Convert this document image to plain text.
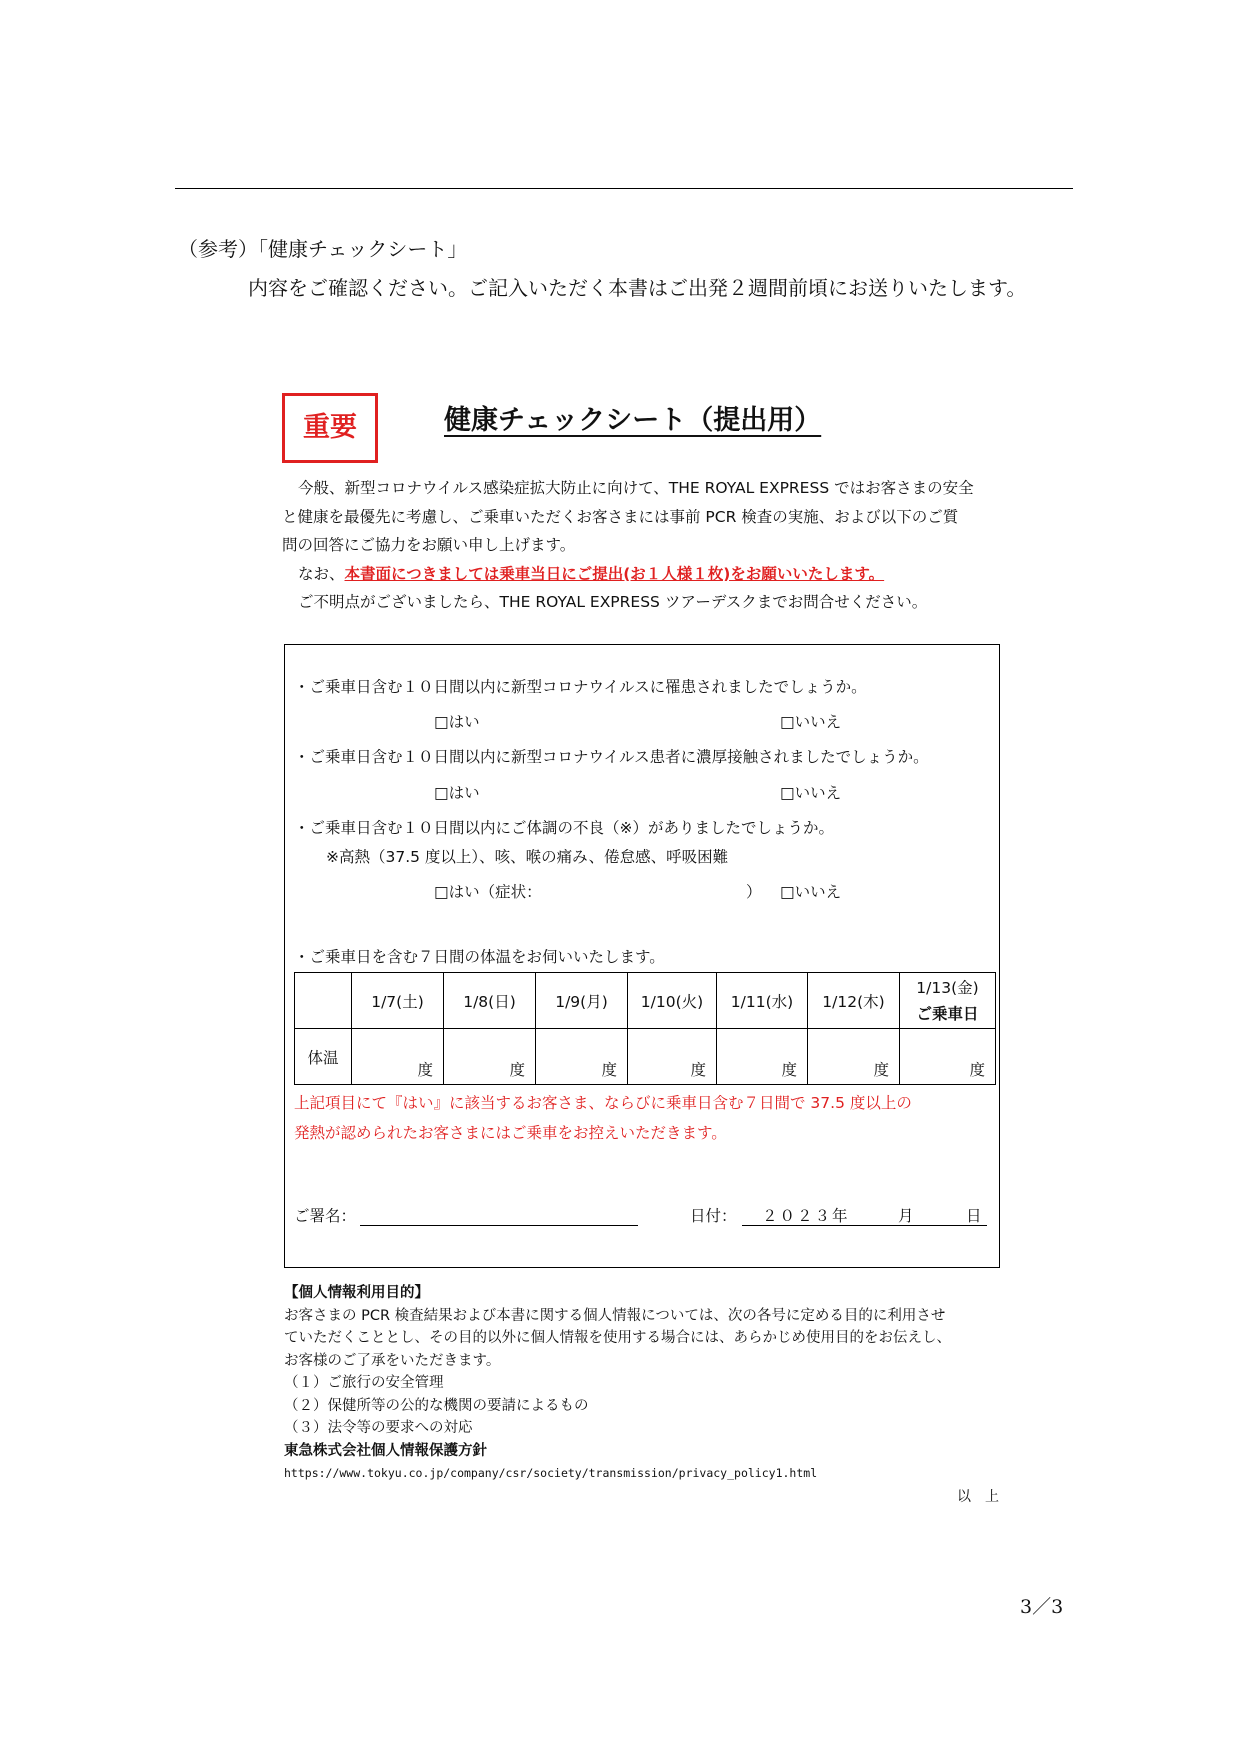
（参考）「健康チェックシート」
内容をご確認ください。ご記入いただく本書はご出発２週間前頃にお送りいたします。
重要	健康チェックシート（提出用）

今般、新型コロナウイルス感染症拡大防止に向けて、THE ROYAL EXPRESS ではお客さまの安全

と健康を最優先に考慮し、ご乗車いただくお客さまには事前 PCR 検査の実施、および以下のご質

問の回答にご協力をお願い申し上げます。

なお、本書面につきましては乗車当日にご提出(お１人様１枚)をお願いいたします。

ご不明点がございましたら、THE ROYAL EXPRESS ツアーデスクまでお問合せください。

・ご乗車日含む１０日間以内に新型コロナウイルスに罹患されましたでしょうか。
□はい	□いいえ
・ご乗車日含む１０日間以内に新型コロナウイルス患者に濃厚接触されましたでしょうか。
□はい	□いいえ
・ご乗車日含む１０日間以内にご体調の不良（※）がありましたでしょうか。
※高熱（37.5 度以上）、咳、喉の痛み、倦怠感、呼吸困難
□はい（症状：	） □いいえ
・ご乗車日を含む７日間の体温をお伺いいたします。
	1/7(土)	1/8(日)	1/9(月)	1/10(火)	1/11(水)	1/12(木)	1/13(金)
ご乗車日

体温	度	度	度	度	度	度	度
上記項目にて『はい』に該当するお客さま、ならびに乗車日含む７日間で 37.5 度以上の
発熱が認められたお客さまにはご乗車をお控えいただきます。
ご署名：	日付： ２０２３年	月	日

【個人情報利用目的】

お客さまの PCR 検査結果および本書に関する個人情報については、次の各号に定める目的に利用させ

ていただくこととし、その目的以外に個人情報を使用する場合には、あらかじめ使用目的をお伝えし、

お客様のご了承をいただきます。

（１）ご旅行の安全管理

（２）保健所等の公的な機関の要請によるもの

（３）法令等の要求への対応

東急株式会社個人情報保護方針 https://www.tokyu.co.jp/company/csr/society/transmission/privacy_policy1.html

以　上
3／3
